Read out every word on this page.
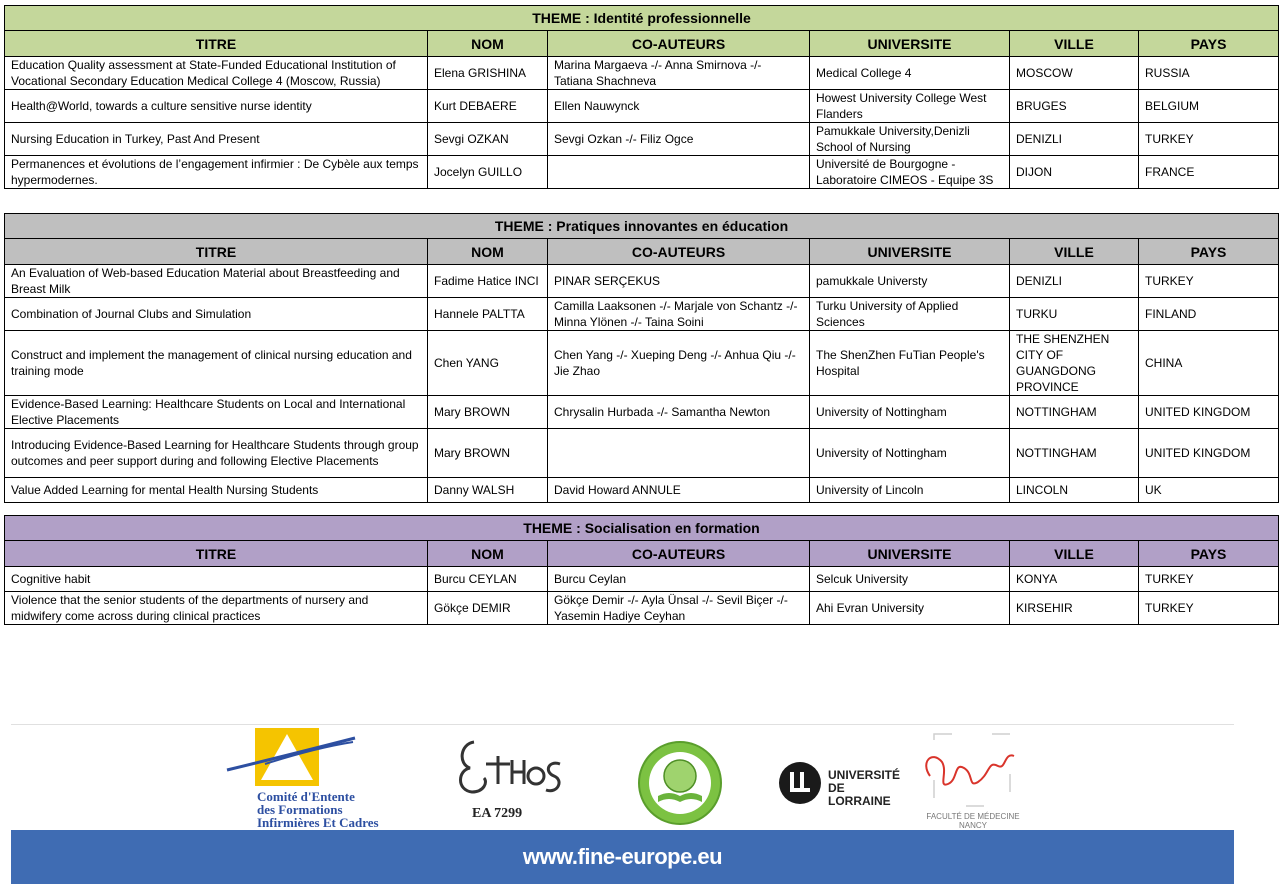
THEME : Identité professionnelle					
TITRE	NOM	CO-AUTEURS	UNIVERSITE	VILLE	PAYS
Education Quality assessment at State-Funded Educational Institution of Vocational Secondary Education Medical College 4 (Moscow, Russia)	Elena GRISHINA	Marina Margaeva -/- Anna Smirnova -/- Tatiana Shachneva	Medical College 4	MOSCOW	RUSSIA
Health@World, towards a culture sensitive nurse identity	Kurt DEBAERE	Ellen Nauwynck	Howest University College West Flanders	BRUGES	BELGIUM
Nursing Education in Turkey, Past And Present	Sevgi OZKAN	Sevgi Ozkan -/- Filiz Ogce	Pamukkale University,Denizli School of Nursing	DENIZLI	TURKEY
Permanences et évolutions de l’engagement infirmier : De Cybèle aux temps hypermodernes.	Jocelyn GUILLO		Université de Bourgogne - Laboratoire CIMEOS - Equipe 3S	DIJON	FRANCE
THEME : Pratiques innovantes en éducation					
TITRE	NOM	CO-AUTEURS	UNIVERSITE	VILLE	PAYS
An Evaluation of Web-based Education Material about Breastfeeding and Breast Milk	Fadime Hatice INCI	PINAR SERÇEKUS	pamukkale Universty	DENIZLI	TURKEY
Combination of Journal Clubs and Simulation	Hannele PALTTA	Camilla Laaksonen -/- Marjale von Schantz -/- Minna Ylönen -/- Taina Soini	Turku University of Applied Sciences	TURKU	FINLAND
Construct and implement the management of clinical nursing education and training mode	Chen YANG	Chen Yang -/- Xueping Deng -/- Anhua Qiu -/- Jie Zhao	The ShenZhen FuTian People's Hospital	THE SHENZHEN CITY OF GUANGDONG PROVINCE	CHINA
Evidence-Based Learning: Healthcare Students on Local and International Elective Placements	Mary BROWN	Chrysalin Hurbada -/- Samantha Newton	University of Nottingham	NOTTINGHAM	UNITED KINGDOM
Introducing Evidence-Based Learning for Healthcare Students through group outcomes and peer support during and following Elective Placements	Mary BROWN		University of Nottingham	NOTTINGHAM	UNITED KINGDOM
Value Added Learning for mental Health Nursing Students	Danny WALSH	David Howard ANNULE	University of Lincoln	LINCOLN	UK
THEME : Socialisation en formation					
TITRE	NOM	CO-AUTEURS	UNIVERSITE	VILLE	PAYS
Cognitive habit	Burcu CEYLAN	Burcu Ceylan	Selcuk University	KONYA	TURKEY
Violence that the senior students of the departments of nursery and midwifery come across during clinical practices	Gökçe DEMIR	Gökçe Demir -/- Ayla Ünsal -/- Sevil Biçer -/- Yasemin Hadiye Ceyhan	Ahi Evran University	KIRSEHIR	TURKEY
Comité d'Entente
des Formations
Infirmières Et Cadres
EA 7299
UNIVERSITÉ
DE LORRAINE
FACULTÉ DE MÉDECINE NANCY
www.fine-europe.eu
